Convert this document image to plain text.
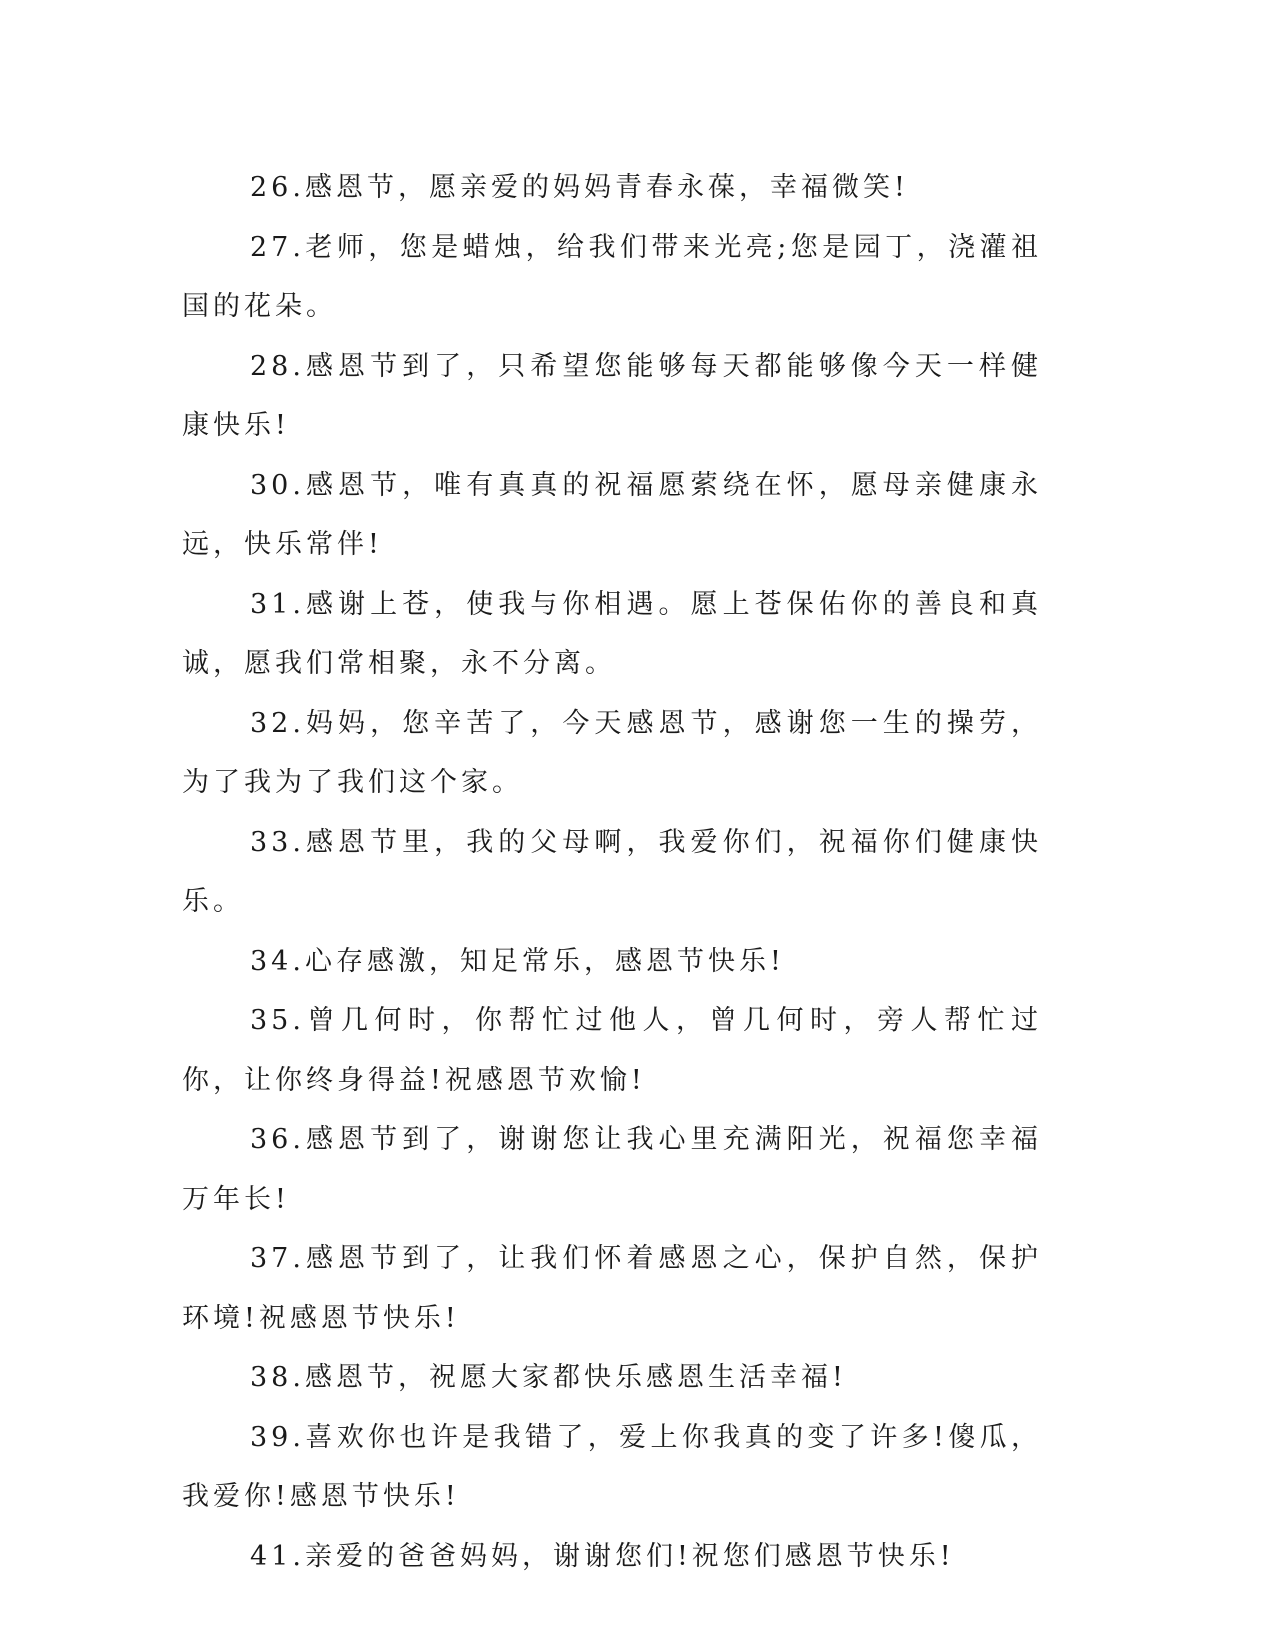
26.感恩节，愿亲爱的妈妈青春永葆，幸福微笑!

27.老师，您是蜡烛，给我们带来光亮;您是园丁，浇灌祖国的花朵。

28.感恩节到了，只希望您能够每天都能够像今天一样健康快乐!

30.感恩节，唯有真真的祝福愿萦绕在怀，愿母亲健康永远，快乐常伴!

31.感谢上苍，使我与你相遇。愿上苍保佑你的善良和真诚，愿我们常相聚，永不分离。

32.妈妈，您辛苦了，今天感恩节，感谢您一生的操劳，为了我为了我们这个家。

33.感恩节里，我的父母啊，我爱你们，祝福你们健康快乐。

34.心存感激，知足常乐，感恩节快乐!

35.曾几何时，你帮忙过他人，曾几何时，旁人帮忙过你，让你终身得益!祝感恩节欢愉!

36.感恩节到了，谢谢您让我心里充满阳光，祝福您幸福万年长!

37.感恩节到了，让我们怀着感恩之心，保护自然，保护环境!祝感恩节快乐!

38.感恩节，祝愿大家都快乐感恩生活幸福!

39.喜欢你也许是我错了，爱上你我真的变了许多!傻瓜，我爱你!感恩节快乐!

41.亲爱的爸爸妈妈，谢谢您们!祝您们感恩节快乐!
